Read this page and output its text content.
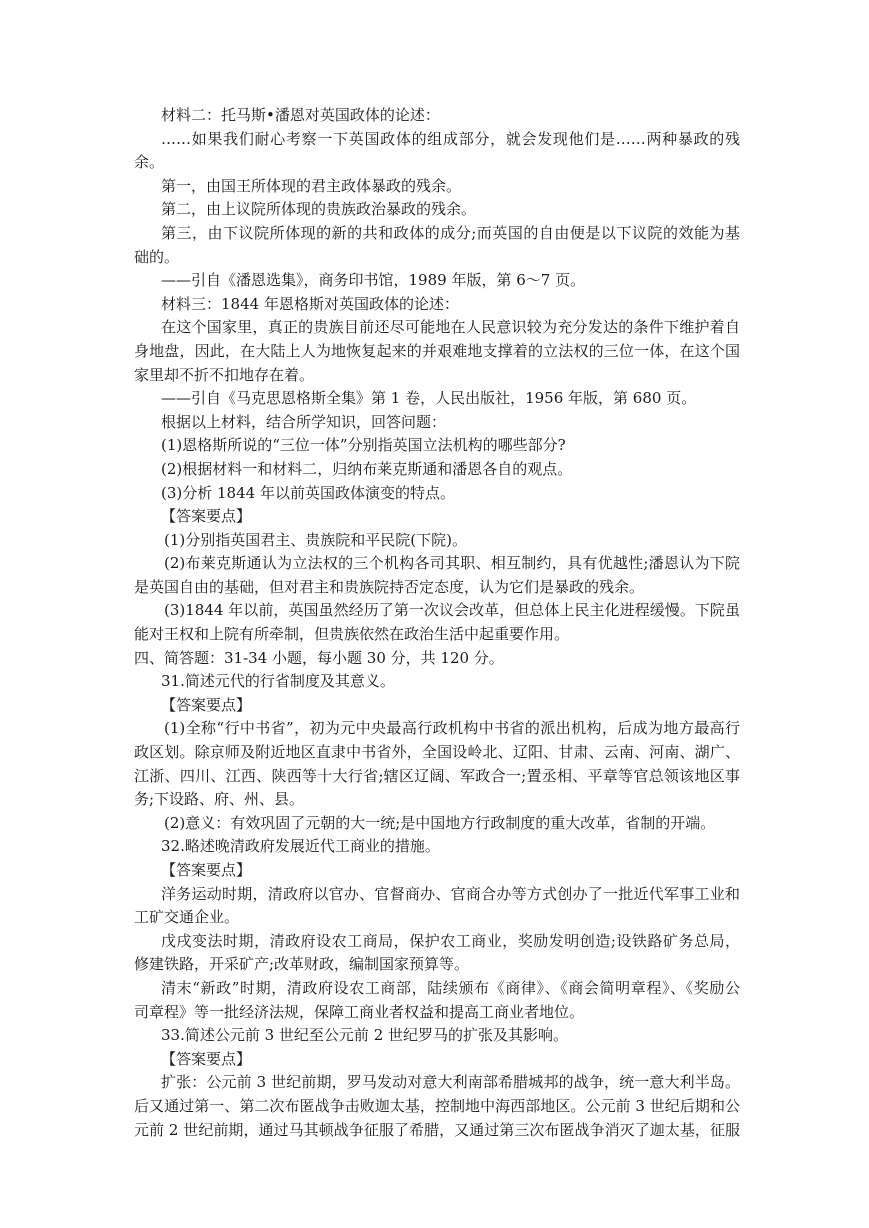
材料二：托马斯•潘恩对英国政体的论述：

……如果我们耐心考察一下英国政体的组成部分，就会发现他们是……两种暴政的残

余。

第一，由国王所体现的君主政体暴政的残余。

第二，由上议院所体现的贵族政治暴政的残余。

第三，由下议院所体现的新的共和政体的成分;而英国的自由便是以下议院的效能为基

础的。

——引自《潘恩选集》，商务印书馆，1989 年版，第 6～7 页。

材料三：1844 年恩格斯对英国政体的论述：

在这个国家里，真正的贵族目前还尽可能地在人民意识较为充分发达的条件下维护着自

身地盘，因此，在大陆上人为地恢复起来的并艰难地支撑着的立法权的三位一体，在这个国

家里却不折不扣地存在着。

——引自《马克思恩格斯全集》第 1 卷，人民出版社，1956 年版，第 680 页。

根据以上材料，结合所学知识，回答问题：

(1)恩格斯所说的“三位一体”分别指英国立法机构的哪些部分?

(2)根据材料一和材料二，归纳布莱克斯通和潘恩各自的观点。

(3)分析 1844 年以前英国政体演变的特点。

【答案要点】

(1)分别指英国君主、贵族院和平民院(下院)。

(2)布莱克斯通认为立法权的三个机构各司其职、相互制约，具有优越性;潘恩认为下院

是英国自由的基础，但对君主和贵族院持否定态度，认为它们是暴政的残余。

(3)1844 年以前，英国虽然经历了第一次议会改革，但总体上民主化进程缓慢。下院虽

能对王权和上院有所牵制，但贵族依然在政治生活中起重要作用。

四、简答题：31-34 小题，每小题 30 分，共 120 分。

31.简述元代的行省制度及其意义。

【答案要点】

(1)全称“行中书省”，初为元中央最高行政机构中书省的派出机构，后成为地方最高行

政区划。除京师及附近地区直隶中书省外，全国设岭北、辽阳、甘肃、云南、河南、湖广、

江浙、四川、江西、陕西等十大行省;辖区辽阔、军政合一;置丞相、平章等官总领该地区事

务;下设路、府、州、县。

(2)意义：有效巩固了元朝的大一统;是中国地方行政制度的重大改革，省制的开端。

32.略述晚清政府发展近代工商业的措施。

【答案要点】

洋务运动时期，清政府以官办、官督商办、官商合办等方式创办了一批近代军事工业和

工矿交通企业。

戊戌变法时期，清政府设农工商局，保护农工商业，奖励发明创造;设铁路矿务总局，

修建铁路，开采矿产;改革财政，编制国家预算等。

清末“新政”时期，清政府设农工商部，陆续颁布《商律》、《商会简明章程》、《奖励公

司章程》等一批经济法规，保障工商业者权益和提高工商业者地位。

33.简述公元前 3 世纪至公元前 2 世纪罗马的扩张及其影响。

【答案要点】

扩张：公元前 3 世纪前期，罗马发动对意大利南部希腊城邦的战争，统一意大利半岛。

后又通过第一、第二次布匿战争击败迦太基，控制地中海西部地区。公元前 3 世纪后期和公

元前 2 世纪前期，通过马其顿战争征服了希腊，又通过第三次布匿战争消灭了迦太基，征服
